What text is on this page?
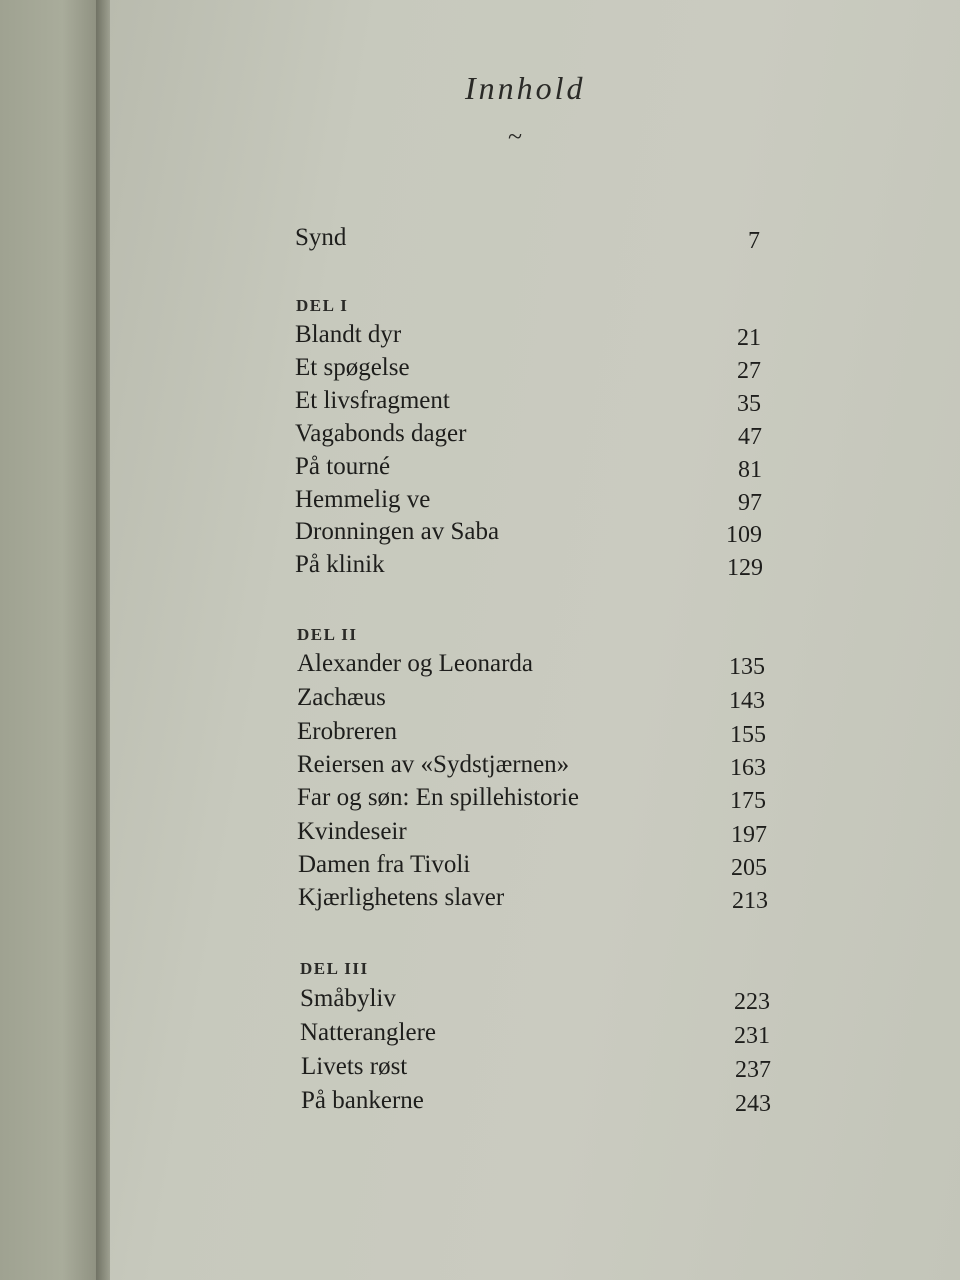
Innhold
~
Synd	7
DEL I
Blandt dyr	21
Et spøgelse	27
Et livsfragment	35
Vagabonds dager	47
På tourné	81
Hemmelig ve	97
Dronningen av Saba	109
På klinik	129
DEL II
Alexander og Leonarda	135
Zachæus	143
Erobreren	155
Reiersen av «Sydstjærnen»	163
Far og søn: En spillehistorie	175
Kvindeseir	197
Damen fra Tivoli	205
Kjærlighetens slaver	213
DEL III
Småbyliv	223
Natteranglere	231
Livets røst	237
På bankerne	243
